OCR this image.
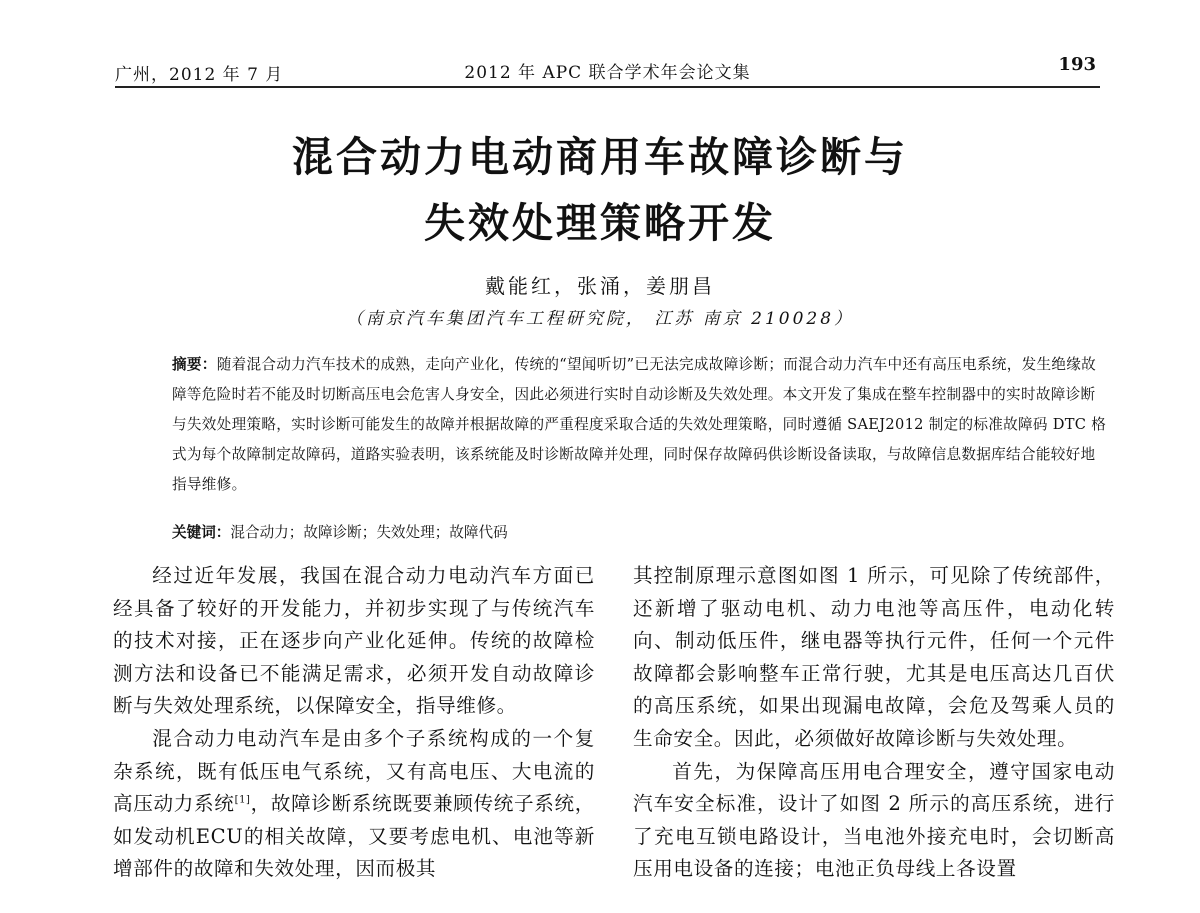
广州，2012 年 7 月	2012 年 APC 联合学术年会论文集	193
混合动力电动商用车故障诊断与
失效处理策略开发
戴能红，张涌，姜朋昌
（南京汽车集团汽车工程研究院， 江苏 南京 210028）
摘要：随着混合动力汽车技术的成熟，走向产业化，传统的“望闻听切”已无法完成故障诊断；而混合动力汽车中还有高压电系统，发生绝缘故障等危险时若不能及时切断高压电会危害人身安全，因此必须进行实时自动诊断及失效处理。本文开发了集成在整车控制器中的实时故障诊断与失效处理策略，实时诊断可能发生的故障并根据故障的严重程度采取合适的失效处理策略，同时遵循 SAEJ2012 制定的标准故障码 DTC 格式为每个故障制定故障码，道路实验表明，该系统能及时诊断故障并处理，同时保存故障码供诊断设备读取，与故障信息数据库结合能较好地指导维修。
关键词：混合动力；故障诊断；失效处理；故障代码

经过近年发展，我国在混合动力电动汽车方面已经具备了较好的开发能力，并初步实现了与传统汽车的技术对接，正在逐步向产业化延伸。传统的故障检测方法和设备已不能满足需求，必须开发自动故障诊断与失效处理系统，以保障安全，指导维修。

混合动力电动汽车是由多个子系统构成的一个复杂系统，既有低压电气系统，又有高电压、大电流的高压动力系统[1]，故障诊断系统既要兼顾传统子系统，如发动机ECU的相关故障，又要考虑电机、电池等新增部件的故障和失效处理，因而极其

其控制原理示意图如图 1 所示，可见除了传统部件，还新增了驱动电机、动力电池等高压件，电动化转向、制动低压件，继电器等执行元件，任何一个元件故障都会影响整车正常行驶，尤其是电压高达几百伏的高压系统，如果出现漏电故障，会危及驾乘人员的生命安全。因此，必须做好故障诊断与失效处理。

首先，为保障高压用电合理安全，遵守国家电动汽车安全标准，设计了如图 2 所示的高压系统，进行了充电互锁电路设计，当电池外接充电时，会切断高压用电设备的连接；电池正负母线上各设置
